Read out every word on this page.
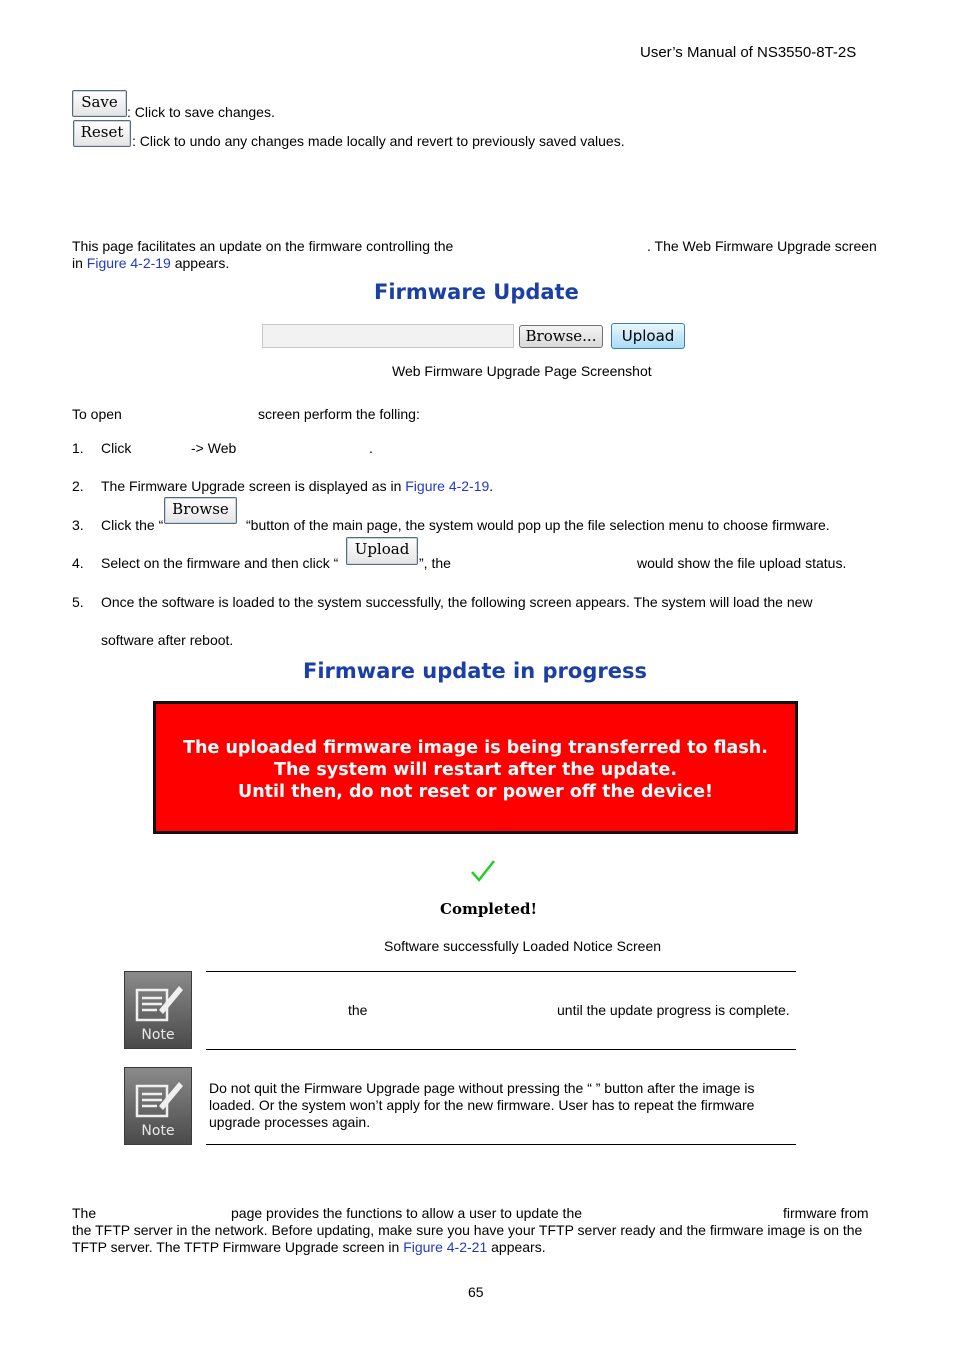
User’s Manual of NS3550-8T-2S
Save
: Click to save changes.
Reset : Click to undo any changes made locally and revert to previously saved values.
This page facilitates an update on the firmware controlling the	. The Web Firmware Upgrade screen
in Figure 4-2-19 appears.
Firmware Update
Browse...	Upload
Web Firmware Upgrade Page Screenshot
To open	screen perform the folling:
1. Click	-> Web	.
2. The Firmware Upgrade screen is displayed as in Figure 4-2-19.
3. Click the “
Browse
“button of the main page, the system would pop up the file selection menu to choose firmware.
4. Select on the firmware and then click “
Upload
”, the	would show the file upload status.
5. Once the software is loaded to the system successfully, the following screen appears. The system will load the new
software after reboot.
Firmware update in progress
The uploaded firmware image is being transferred to flash.
The system will restart after the update.
Until then, do not reset or power off the device!
Completed!
Software successfully Loaded Notice Screen
Note
the	until the update progress is complete.
Note
Do not quit the Firmware Upgrade page without pressing the “ ” button after the image is
loaded. Or the system won’t apply for the new firmware. User has to repeat the firmware
upgrade processes again.
The	page provides the functions to allow a user to update the	firmware from
the TFTP server in the network. Before updating, make sure you have your TFTP server ready and the firmware image is on the
TFTP server. The TFTP Firmware Upgrade screen in Figure 4-2-21 appears.
65
